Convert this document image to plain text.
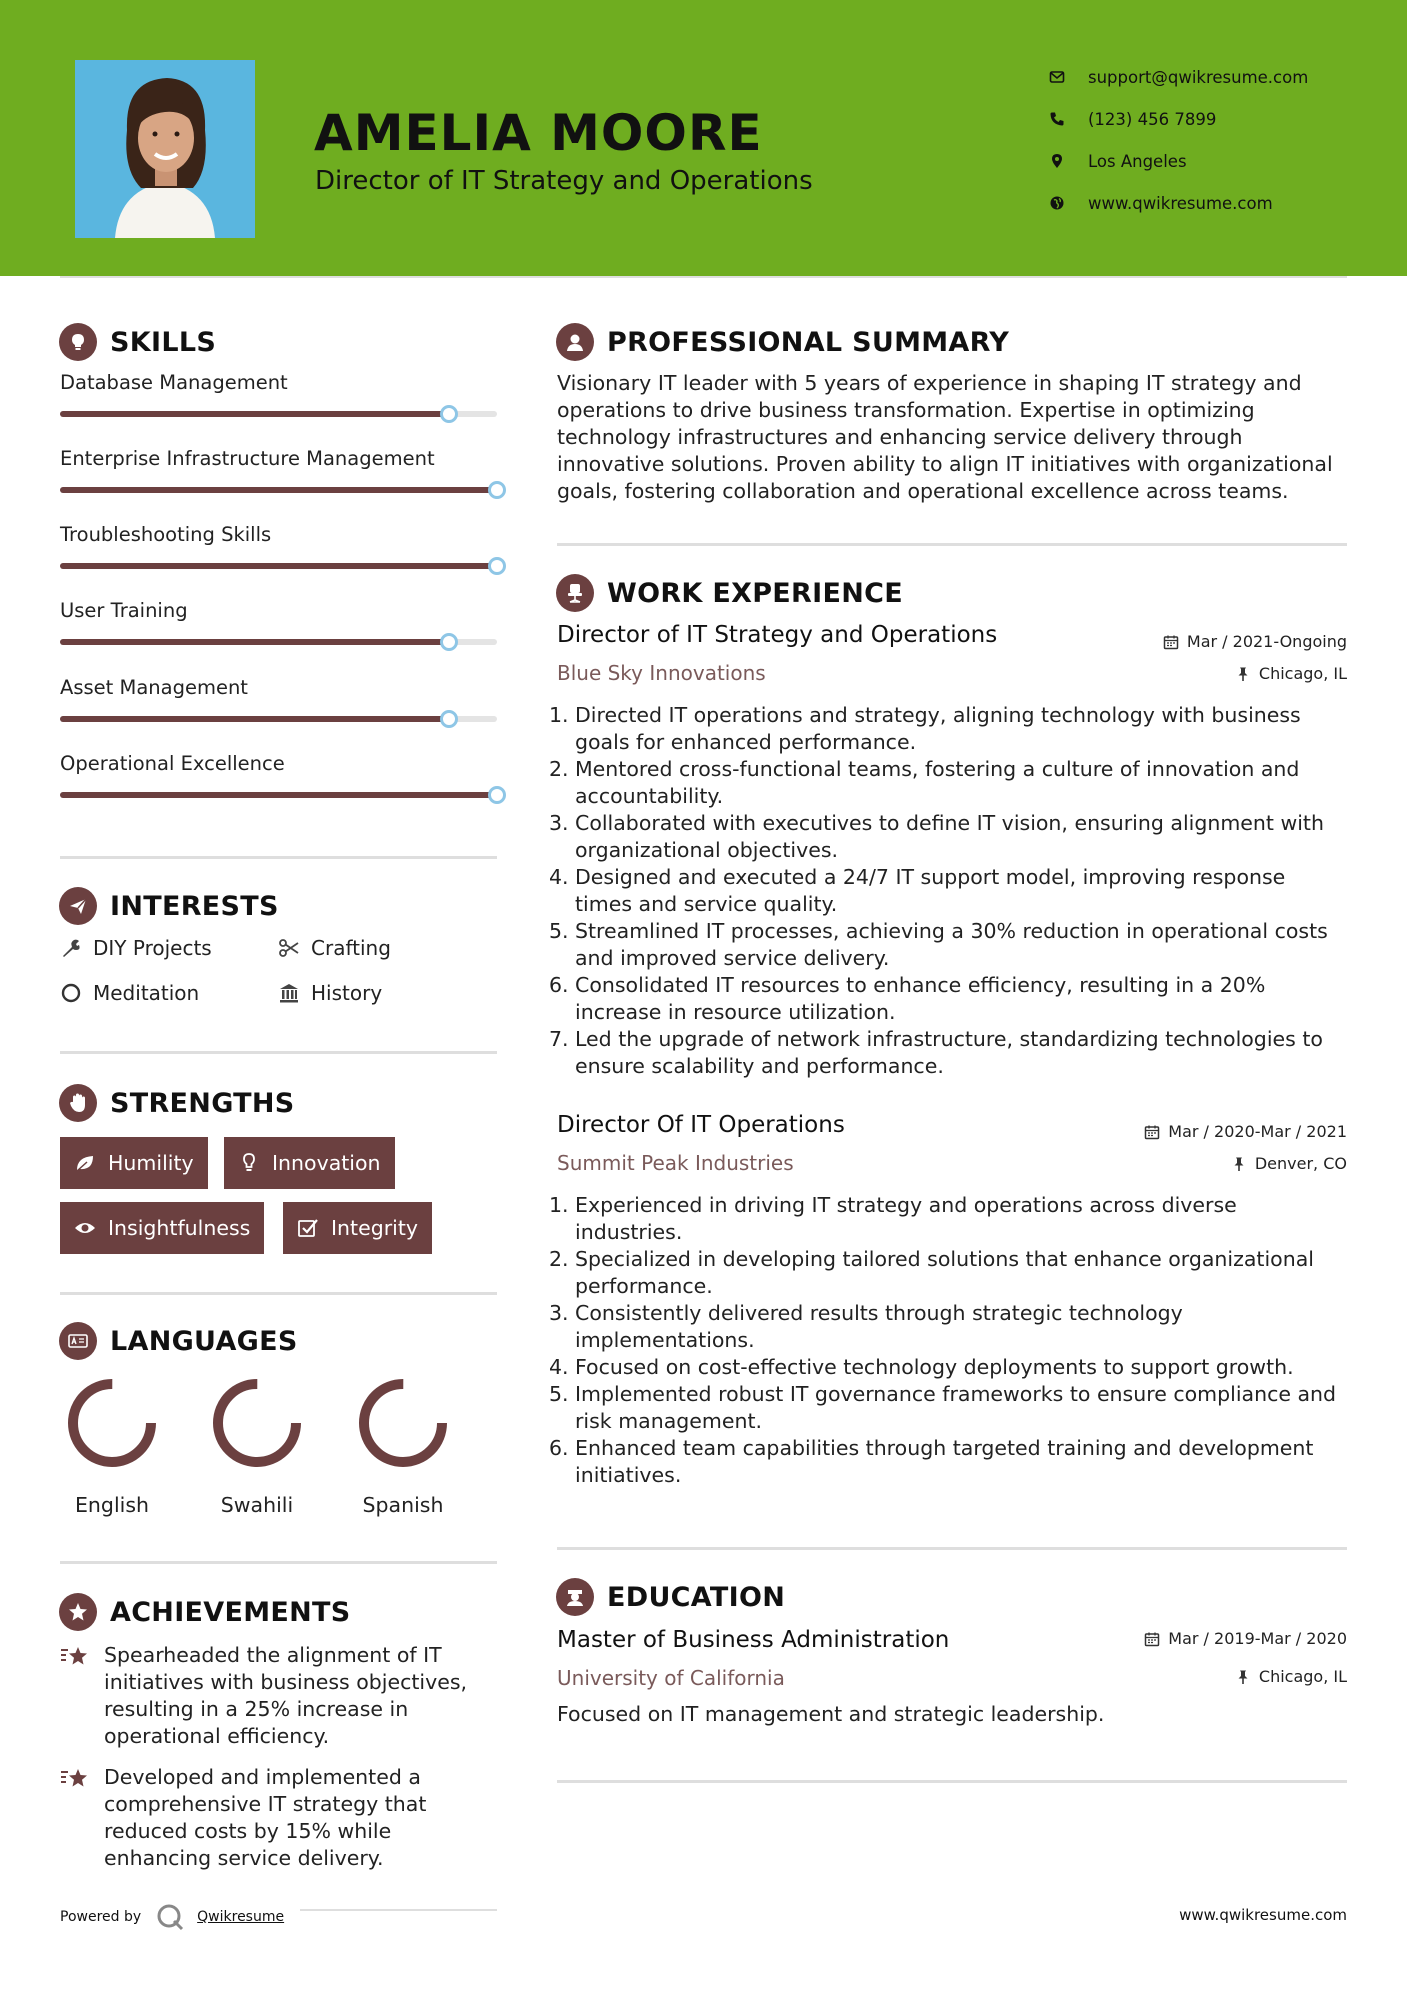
AMELIA MOORE
Director of IT Strategy and Operations
support@qwikresume.com
(123) 456 7899
Los Angeles
www.qwikresume.com
SKILLS
Database Management
Enterprise Infrastructure Management
Troubleshooting Skills
User Training
Asset Management
Operational Excellence
INTERESTS
DIY Projects	Crafting
Meditation	History
STRENGTHS
Humility	Innovation
Insightfulness	Integrity
LANGUAGES
English	Swahili	Spanish
ACHIEVEMENTS
Spearheaded the alignment of IT initiatives with business objectives, resulting in a 25% increase in operational efficiency.
Developed and implemented a comprehensive IT strategy that reduced costs by 15% while enhancing service delivery.
Powered by	Qwikresume
PROFESSIONAL SUMMARY
Visionary IT leader with 5 years of experience in shaping IT strategy and operations to drive business transformation. Expertise in optimizing technology infrastructures and enhancing service delivery through innovative solutions. Proven ability to align IT initiatives with organizational goals, fostering collaboration and operational excellence across teams.
WORK EXPERIENCE
Director of IT Strategy and Operations	Mar / 2021-Ongoing
Blue Sky Innovations	Chicago, IL
1. Directed IT operations and strategy, aligning technology with business goals for enhanced performance.
2. Mentored cross-functional teams, fostering a culture of innovation and accountability.
3. Collaborated with executives to define IT vision, ensuring alignment with organizational objectives.
4. Designed and executed a 24/7 IT support model, improving response times and service quality.
5. Streamlined IT processes, achieving a 30% reduction in operational costs and improved service delivery.
6. Consolidated IT resources to enhance efficiency, resulting in a 20% increase in resource utilization.
7. Led the upgrade of network infrastructure, standardizing technologies to ensure scalability and performance.
Director Of IT Operations	Mar / 2020-Mar / 2021
Summit Peak Industries	Denver, CO
1. Experienced in driving IT strategy and operations across diverse industries.
2. Specialized in developing tailored solutions that enhance organizational performance.
3. Consistently delivered results through strategic technology implementations.
4. Focused on cost-effective technology deployments to support growth.
5. Implemented robust IT governance frameworks to ensure compliance and risk management.
6. Enhanced team capabilities through targeted training and development initiatives.
EDUCATION
Master of Business Administration	Mar / 2019-Mar / 2020
University of California	Chicago, IL
Focused on IT management and strategic leadership.
www.qwikresume.com
